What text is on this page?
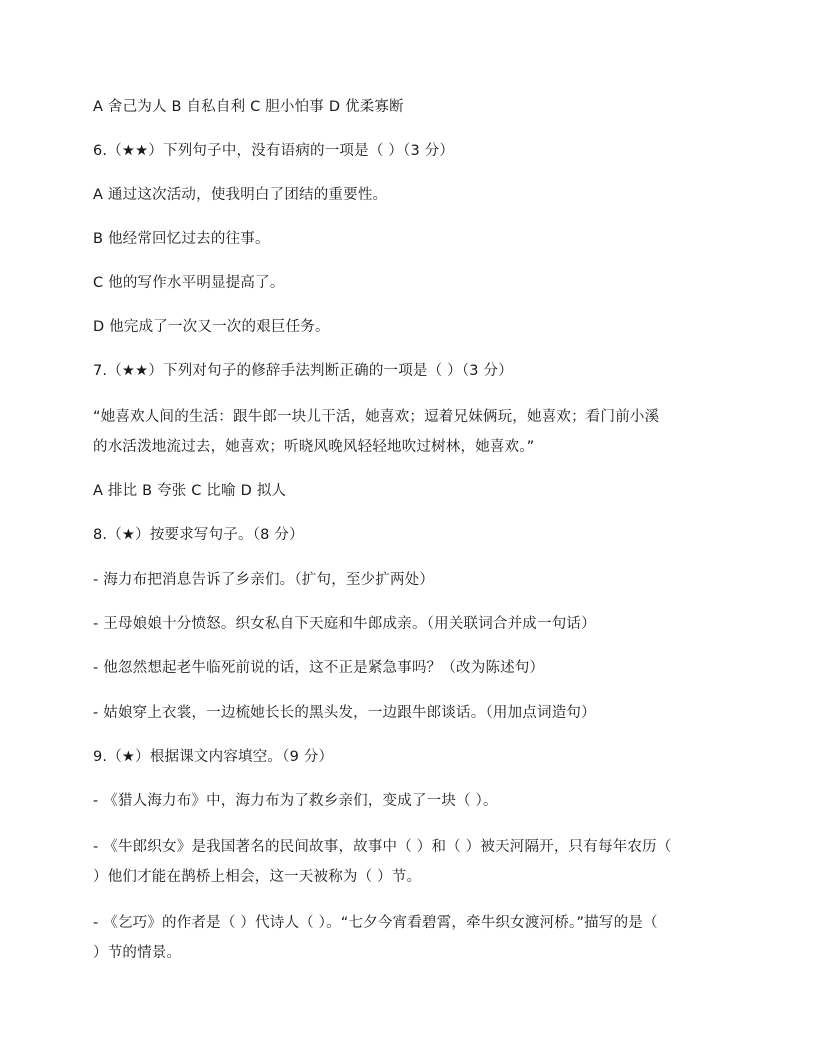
A 舍己为人 B 自私自利 C 胆小怕事 D 优柔寡断
6.（★★）下列句子中，没有语病的一项是（ ）（3 分）
A 通过这次活动，使我明白了团结的重要性。
B 他经常回忆过去的往事。
C 他的写作水平明显提高了。
D 他完成了一次又一次的艰巨任务。
7.（★★）下列对句子的修辞手法判断正确的一项是（ ）（3 分）
“她喜欢人间的生活：跟牛郎一块儿干活，她喜欢；逗着兄妹俩玩，她喜欢；看门前小溪
的水活泼地流过去，她喜欢；听晓风晚风轻轻地吹过树林，她喜欢。”
A 排比 B 夸张 C 比喻 D 拟人
8.（★）按要求写句子。（8 分）
- 海力布把消息告诉了乡亲们。（扩句，至少扩两处）
- 王母娘娘十分愤怒。织女私自下天庭和牛郎成亲。（用关联词合并成一句话）
- 他忽然想起老牛临死前说的话，这不正是紧急事吗？（改为陈述句）
- 姑娘穿上衣裳，一边梳她长长的黑头发，一边跟牛郎谈话。（用加点词造句）
9.（★）根据课文内容填空。（9 分）
- 《猎人海力布》中，海力布为了救乡亲们，变成了一块（ ）。
- 《牛郎织女》是我国著名的民间故事，故事中（ ）和（ ）被天河隔开，只有每年农历（
）他们才能在鹊桥上相会，这一天被称为（ ）节。
- 《乞巧》的作者是（ ）代诗人（ ）。“七夕今宵看碧霄，牵牛织女渡河桥。”描写的是（
）节的情景。
